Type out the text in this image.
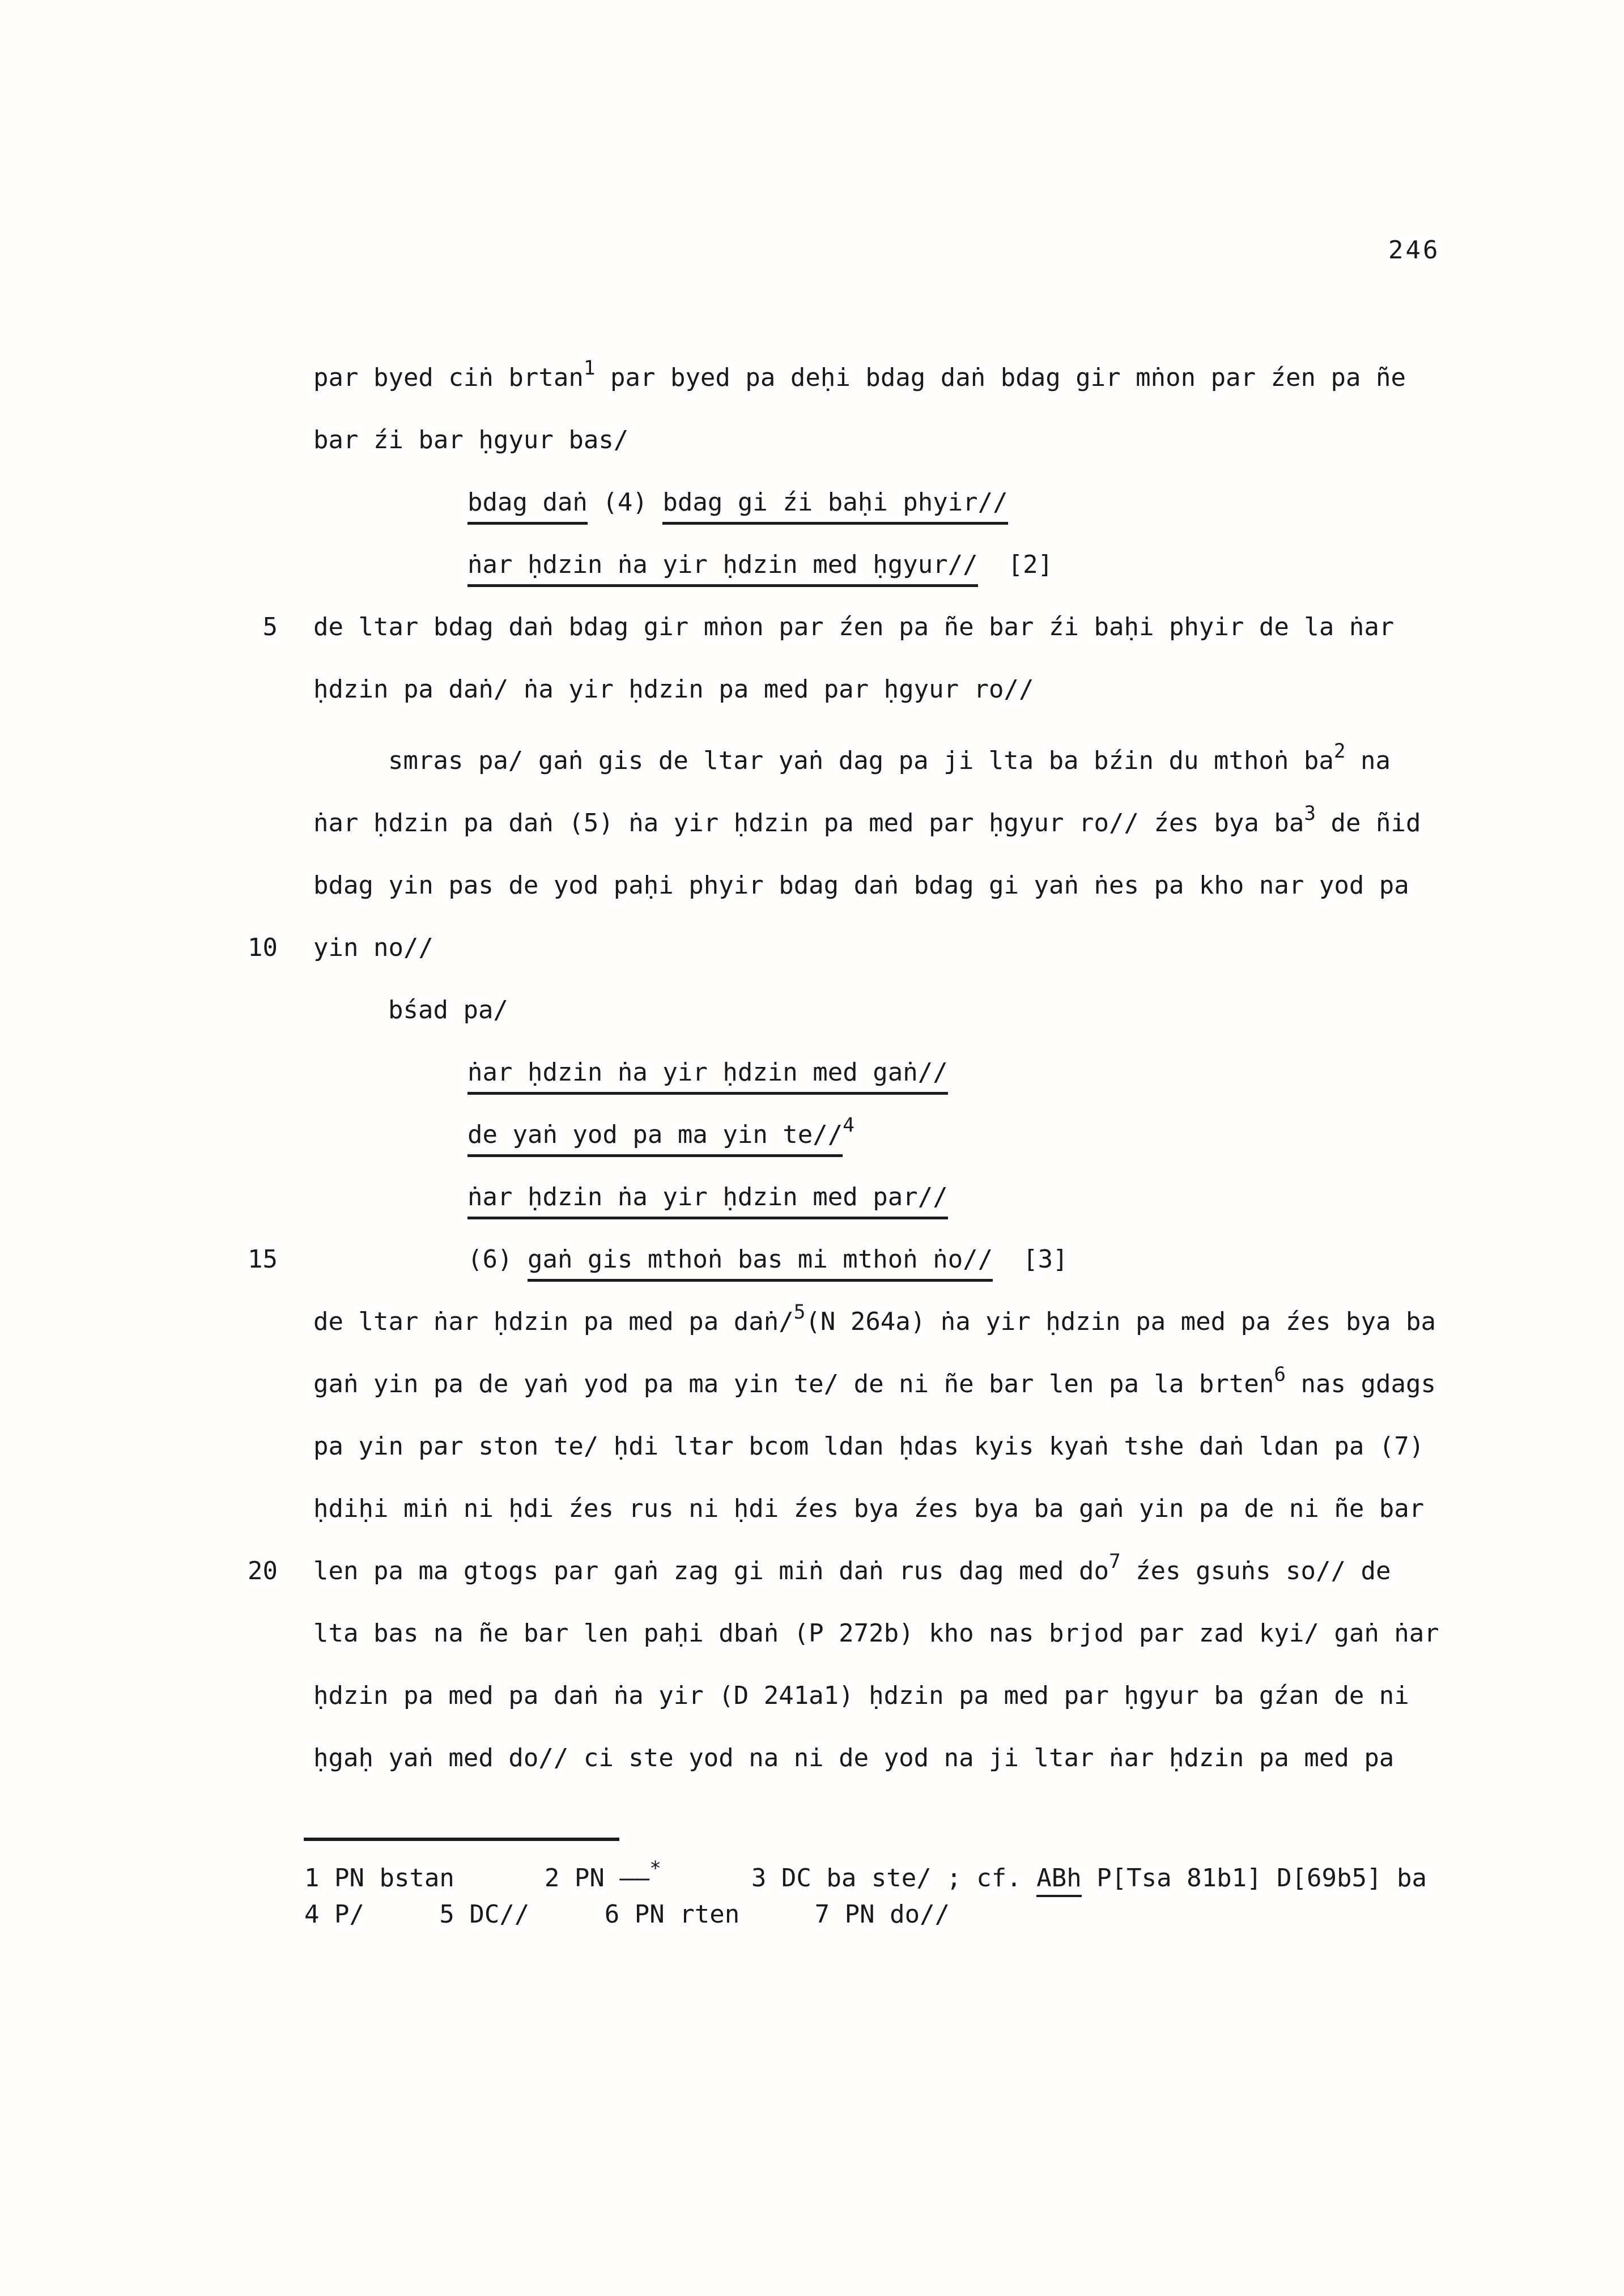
246
par byed ciṅ brtan$^1$ par byed pa deḥi bdag daṅ bdag gir mṅon par źen pa ñe
bar źi bar ḥgyur bas/
bdag daṅ (4) bdag gi źi baḥi phyir//
ṅar ḥdzin ṅa yir ḥdzin med ḥgyur//  [2]
5 de ltar bdag daṅ bdag gir mṅon par źen pa ñe bar źi baḥi phyir de la ṅar
ḥdzin pa daṅ/ ṅa yir ḥdzin pa med par ḥgyur ro//
smras pa/ gaṅ gis de ltar yaṅ dag pa ji lta ba bźin du mthoṅ $ba^2$ na
ṅar ḥdzin pa daṅ (5) ṅa yir ḥdzin pa med par ḥgyur ro// źes bya $ba^3$ de ñid
bdag yin pas de yod paḥi phyir bdag daṅ bdag gi yaṅ ṅes pa kho nar yod pa
10 yin no//
bśad pa/
ṅar ḥdzin ṅa yir ḥdzin med gaṅ//
de yaṅ yod pa ma yin te//$^4$
ṅar ḥdzin ṅa yir ḥdzin med par//
15	(6) gaṅ gis mthoṅ bas mi mthoṅ ṅo//  [3]
de ltar ṅar ḥdzin pa med pa daṅ/$^5$(N 264a) ṅa yir ḥdzin pa med pa źes bya ba
gaṅ yin pa de yaṅ yod pa ma yin te/ de ni ñe bar len pa la brten$^6$ nas gdags
pa yin par ston te/ ḥdi ltar bcom ldan ḥdas kyis kyaṅ tshe daṅ ldan pa (7)
ḥdiḥi miṅ ni ḥdi źes rus ni ḥdi źes bya źes bya ba gaṅ yin pa de ni ñe bar
20 len pa ma gtogs par gaṅ zag gi miṅ daṅ rus dag med $do^7$ źes gsuṅs so// de
lta bas na ñe bar len paḥi dbaṅ (P 272b) kho nas brjod par zad kyi/ gaṅ ṅar
ḥdzin pa med pa daṅ ṅa yir (D 241a1) ḥdzin pa med par ḥgyur ba gźan de ni
ḥgaḥ yaṅ med do// ci ste yod na ni de yod na ji ltar ṅar ḥdzin pa med pa
1 PN bstan      2 PN ——*      3 DC ba ste/ ; cf. ABh P[Tsa 81b1] D[69b5] ba
4 P/     5 DC//     6 PN rten     7 PN do//
